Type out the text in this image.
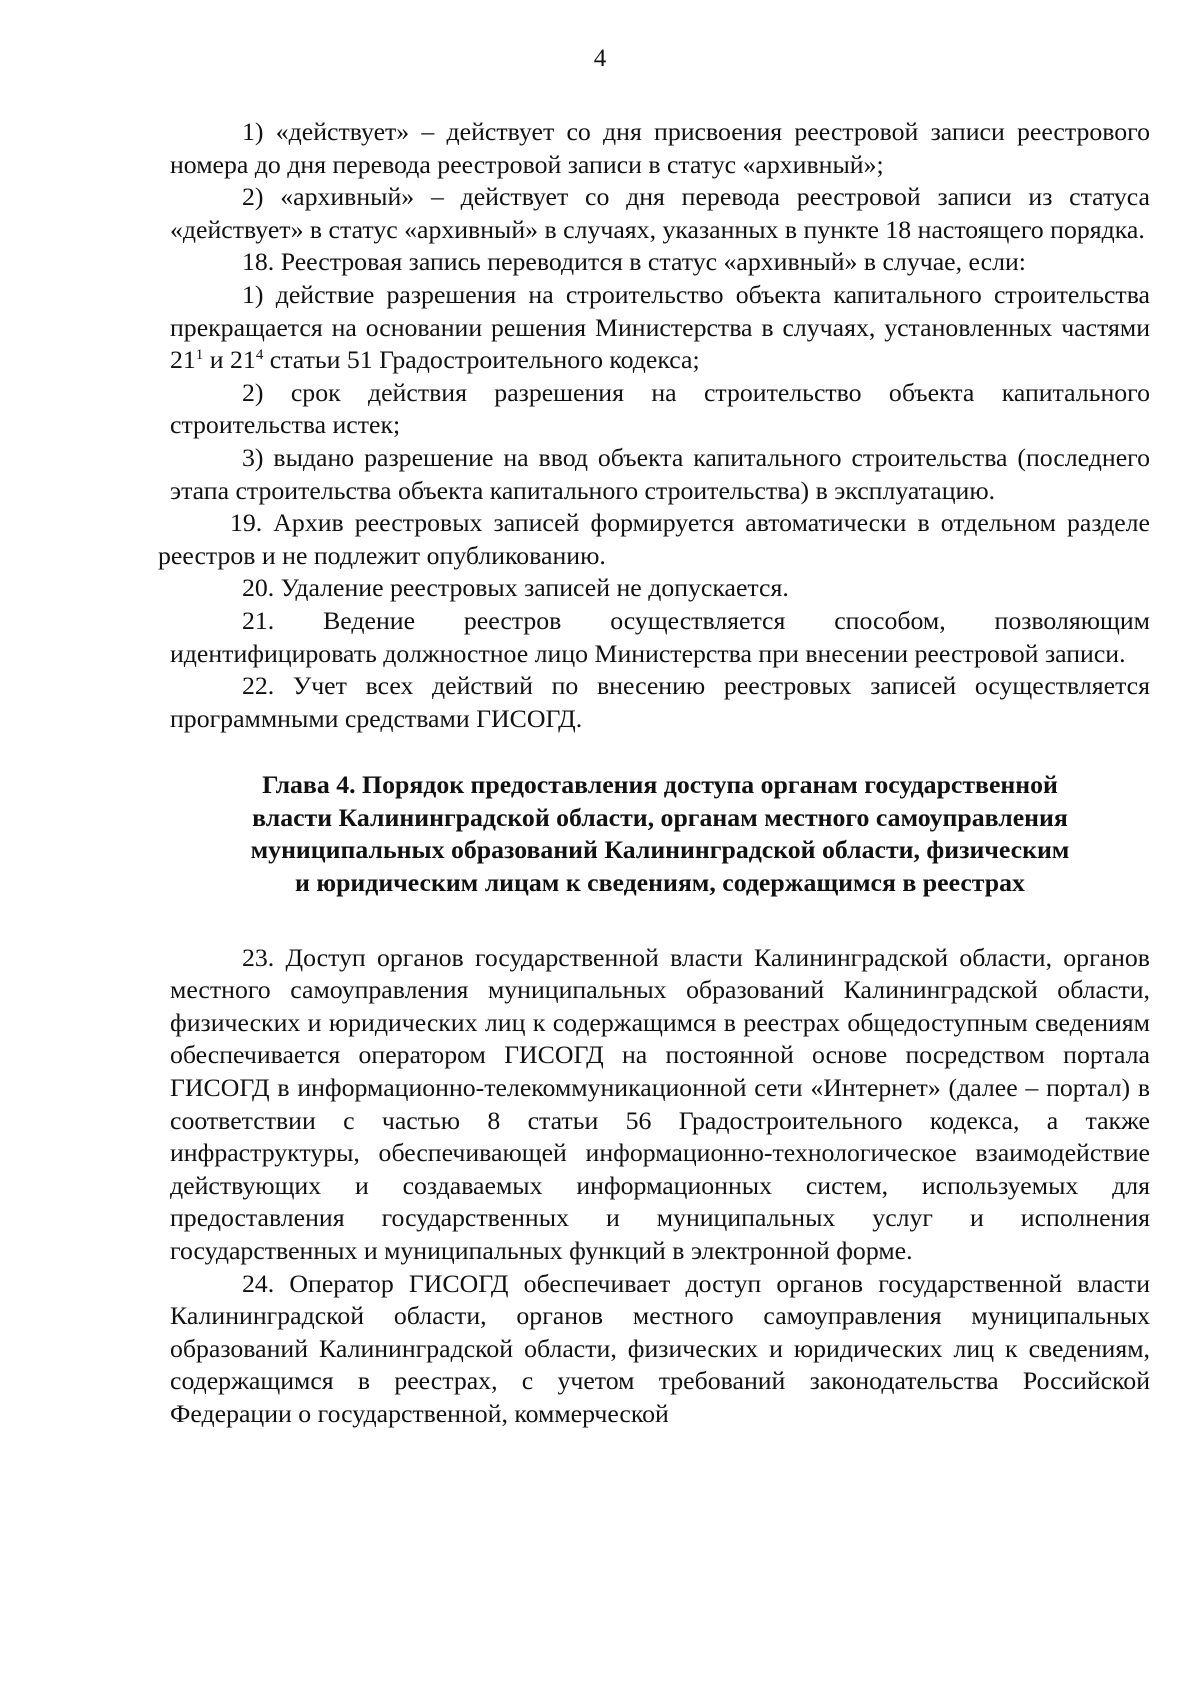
4

1) «действует» – действует со дня присвоения реестровой записи реестрового номера до дня перевода реестровой записи в статус «архивный»;

2) «архивный» – действует со дня перевода реестровой записи из статуса «действует» в статус «архивный» в случаях, указанных в пункте 18 настоящего порядка.

18. Реестровая запись переводится в статус «архивный» в случае, если:

1) действие разрешения на строительство объекта капитального строительства прекращается на основании решения Министерства в случаях, установленных частями $21^1$ и $21^4$ статьи 51 Градостроительного кодекса;

2) срок действия разрешения на строительство объекта капитального строительства истек;

3) выдано разрешение на ввод объекта капитального строительства (последнего этапа строительства объекта капитального строительства) в эксплуатацию.

19. Архив реестровых записей формируется автоматически в отдельном разделе реестров и не подлежит опубликованию.

20. Удаление реестровых записей не допускается.

21. Ведение реестров осуществляется способом, позволяющим идентифицировать должностное лицо Министерства при внесении реестровой записи.

22. Учет всех действий по внесению реестровых записей осуществляется программными средствами ГИСОГД.

Глава 4. Порядок предоставления доступа органам государственной
власти Калининградской области, органам местного самоуправления
муниципальных образований Калининградской области, физическим
и юридическим лицам к сведениям, содержащимся в реестрах

23. Доступ органов государственной власти Калининградской области, органов местного самоуправления муниципальных образований Калининградской области, физических и юридических лиц к содержащимся в реестрах общедоступным сведениям обеспечивается оператором ГИСОГД на постоянной основе посредством портала ГИСОГД в информационно-телекоммуникационной сети «Интернет» (далее – портал) в соответствии с частью 8 статьи 56 Градостроительного кодекса, а также инфраструктуры, обеспечивающей информационно-технологическое взаимодействие действующих и создаваемых информационных систем, используемых для предоставления государственных и муниципальных услуг и исполнения государственных и муниципальных функций в электронной форме.

24. Оператор ГИСОГД обеспечивает доступ органов государственной власти Калининградской области, органов местного самоуправления муниципальных образований Калининградской области, физических и юридических лиц к сведениям, содержащимся в реестрах, с учетом требований законодательства Российской Федерации о государственной, коммерческой
